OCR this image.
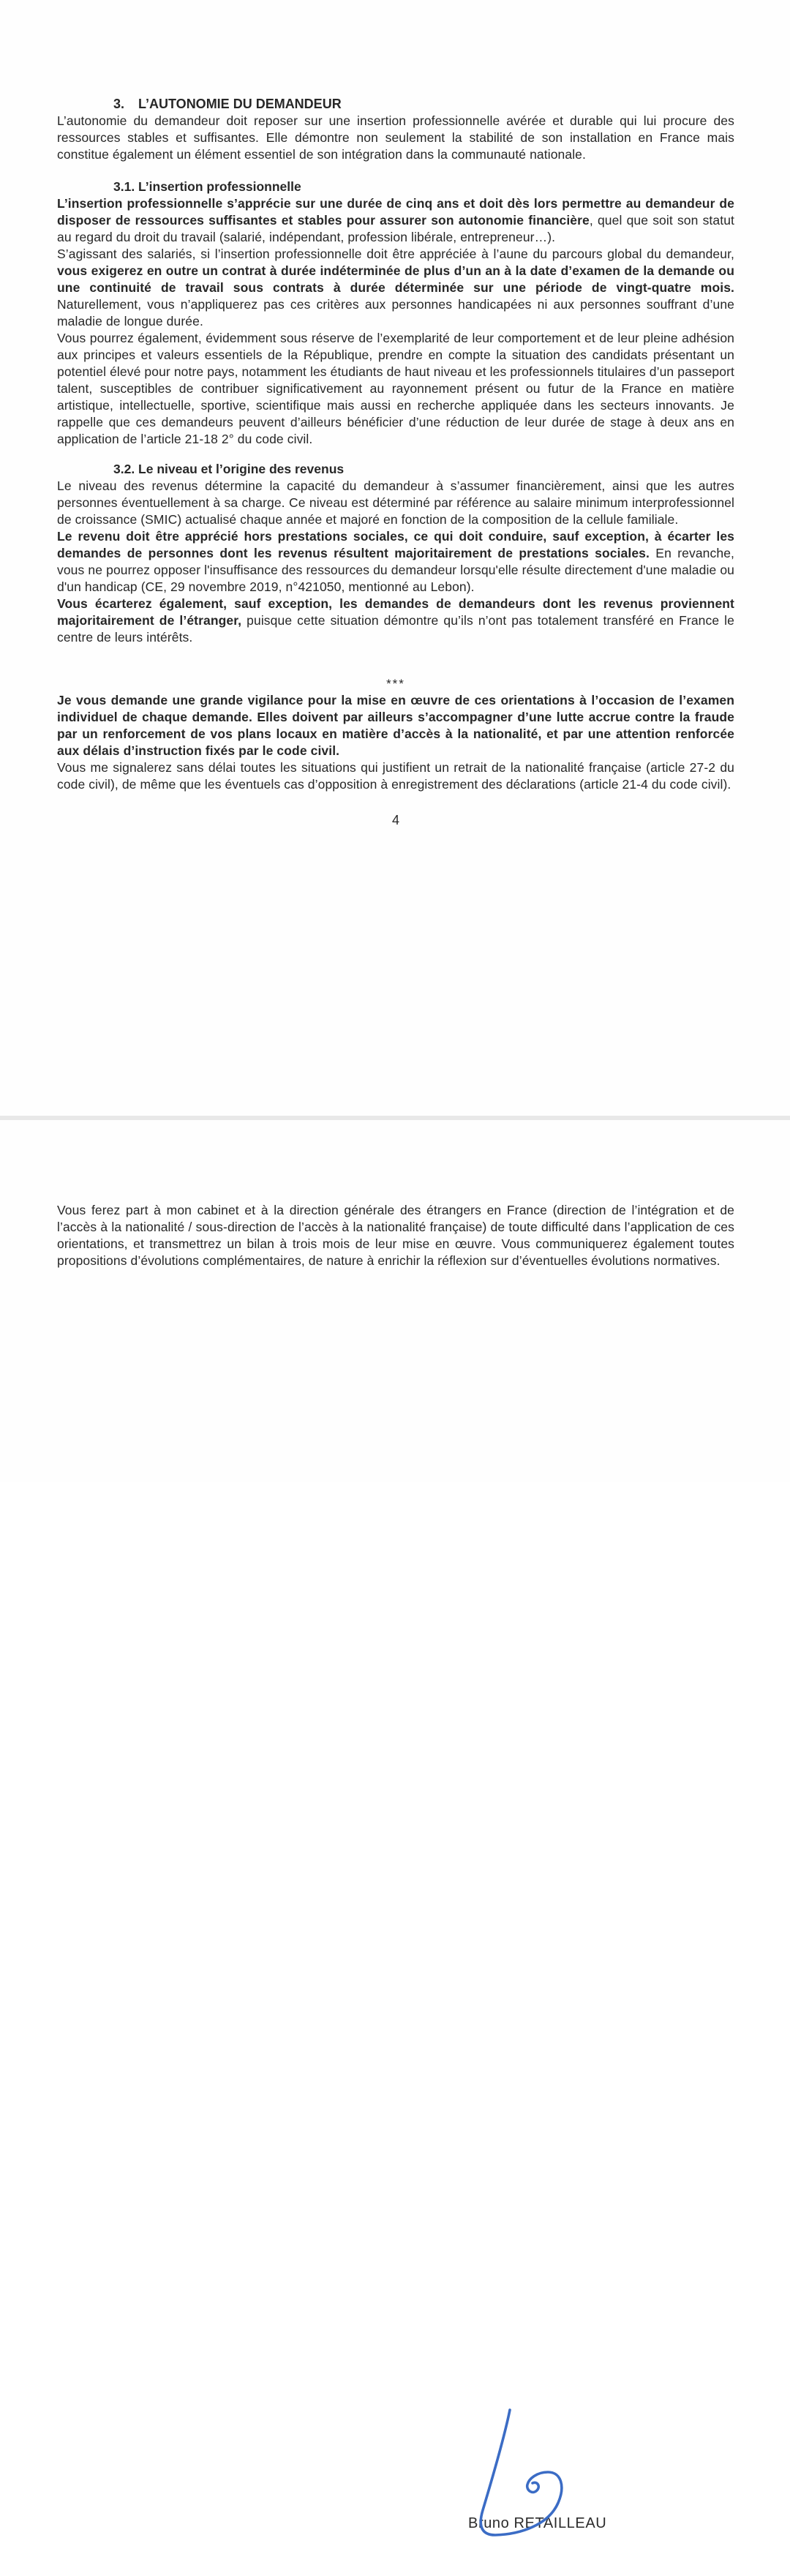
3. L’AUTONOMIE DU DEMANDEUR

L’autonomie du demandeur doit reposer sur une insertion professionnelle avérée et durable qui lui procure des ressources stables et suffisantes. Elle démontre non seulement la stabilité de son installation en France mais constitue également un élément essentiel de son intégration dans la communauté nationale.

3.1. L’insertion professionnelle

L’insertion professionnelle s’apprécie sur une durée de cinq ans et doit dès lors permettre au demandeur de disposer de ressources suffisantes et stables pour assurer son autonomie financière, quel que soit son statut au regard du droit du travail (salarié, indépendant, profession libérale, entrepreneur…).

S’agissant des salariés, si l’insertion professionnelle doit être appréciée à l’aune du parcours global du demandeur, vous exigerez en outre un contrat à durée indéterminée de plus d’un an à la date d’examen de la demande ou une continuité de travail sous contrats à durée déterminée sur une période de vingt-quatre mois. Naturellement, vous n’appliquerez pas ces critères aux personnes handicapées ni aux personnes souffrant d’une maladie de longue durée.

Vous pourrez également, évidemment sous réserve de l’exemplarité de leur comportement et de leur pleine adhésion aux principes et valeurs essentiels de la République, prendre en compte la situation des candidats présentant un potentiel élevé pour notre pays, notamment les étudiants de haut niveau et les professionnels titulaires d’un passeport talent, susceptibles de contribuer significativement au rayonnement présent ou futur de la France en matière artistique, intellectuelle, sportive, scientifique mais aussi en recherche appliquée dans les secteurs innovants. Je rappelle que ces demandeurs peuvent d’ailleurs bénéficier d’une réduction de leur durée de stage à deux ans en application de l’article 21-18 2° du code civil.

3.2. Le niveau et l’origine des revenus

Le niveau des revenus détermine la capacité du demandeur à s’assumer financièrement, ainsi que les autres personnes éventuellement à sa charge. Ce niveau est déterminé par référence au salaire minimum interprofessionnel de croissance (SMIC) actualisé chaque année et majoré en fonction de la composition de la cellule familiale.

Le revenu doit être apprécié hors prestations sociales, ce qui doit conduire, sauf exception, à écarter les demandes de personnes dont les revenus résultent majoritairement de prestations sociales. En revanche, vous ne pourrez opposer l'insuffisance des ressources du demandeur lorsqu'elle résulte directement d'une maladie ou d'un handicap (CE, 29 novembre 2019, n°421050, mentionné au Lebon).

Vous écarterez également, sauf exception, les demandes de demandeurs dont les revenus proviennent majoritairement de l’étranger, puisque cette situation démontre qu’ils n’ont pas totalement transféré en France le centre de leurs intérêts.

***

Je vous demande une grande vigilance pour la mise en œuvre de ces orientations à l’occasion de l’examen individuel de chaque demande. Elles doivent par ailleurs s’accompagner d’une lutte accrue contre la fraude par un renforcement de vos plans locaux en matière d’accès à la nationalité, et par une attention renforcée aux délais d’instruction fixés par le code civil.

Vous me signalerez sans délai toutes les situations qui justifient un retrait de la nationalité française (article 27-2 du code civil), de même que les éventuels cas d’opposition à enregistrement des déclarations (article 21-4 du code civil).

4

Vous ferez part à mon cabinet et à la direction générale des étrangers en France (direction de l’intégration et de l’accès à la nationalité / sous-direction de l’accès à la nationalité française) de toute difficulté dans l’application de ces orientations, et transmettrez un bilan à trois mois de leur mise en œuvre. Vous communiquerez également toutes propositions d’évolutions complémentaires, de nature à enrichir la réflexion sur d’éventuelles évolutions normatives.

Bruno RETAILLEAU
